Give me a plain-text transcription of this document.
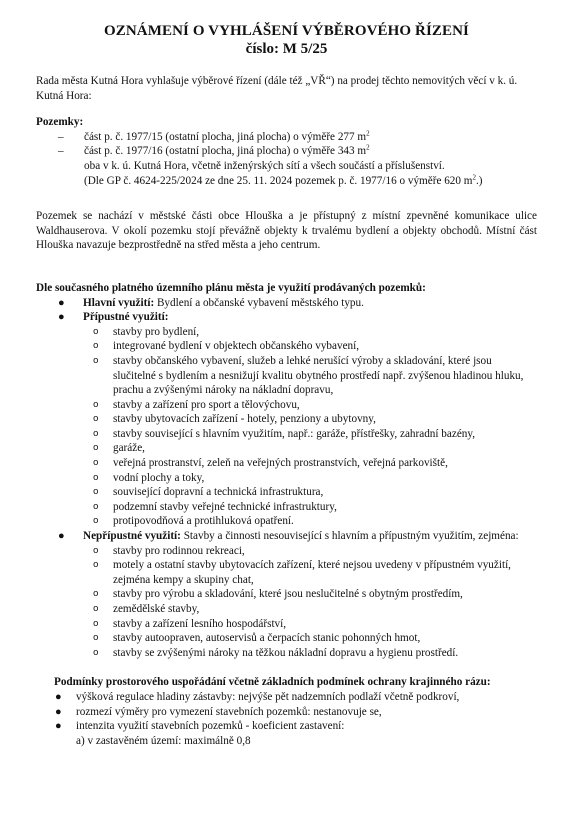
OZNÁMENÍ O VYHLÁŠENÍ VÝBĚROVÉHO ŘÍZENÍ

číslo: M 5/25

Rada města Kutná Hora vyhlašuje výběrové řízení (dále též „VŘ“) na prodej těchto nemovitých věcí v k. ú. Kutná Hora:

Pozemky:

– část p. č. 1977/15 (ostatní plocha, jiná plocha) o výměře 277 $m^2$
– část p. č. 1977/16 (ostatní plocha, jiná plocha) o výměře 343 $m^2$

oba v k. ú. Kutná Hora, včetně inženýrských sítí a všech součástí a příslušenství.

(Dle GP č. 4624-225/2024 ze dne 25. 11. 2024 pozemek p. č. 1977/16 o výměře 620 $m^2$.)

Pozemek se nachází v městské části obce Hlouška a je přístupný z místní zpevněné komunikace ulice Waldhauserova. V okolí pozemku stojí převážně objekty k trvalému bydlení a objekty obchodů. Místní část Hlouška navazuje bezprostředně na střed města a jeho centrum.

Dle současného platného územního plánu města je využití prodávaných pozemků:

● Hlavní využití: Bydlení a občanské vybavení městského typu.
● Přípustné využití:
o stavby pro bydlení,
o integrované bydlení v objektech občanského vybavení,
o stavby občanského vybavení, služeb a lehké nerušící výroby a skladování, které jsou slučitelné s bydlením a nesnižují kvalitu obytného prostředí např. zvýšenou hladinou hluku, prachu a zvýšenými nároky na nákladní dopravu,
o stavby a zařízení pro sport a tělovýchovu,
o stavby ubytovacích zařízení - hotely, penziony a ubytovny,
o stavby související s hlavním využitím, např.: garáže, přístřešky, zahradní bazény,
o garáže,
o veřejná prostranství, zeleň na veřejných prostranstvích, veřejná parkoviště,
o vodní plochy a toky,
o související dopravní a technická infrastruktura,
o podzemní stavby veřejné technické infrastruktury,
o protipovodňová a protihluková opatření.
● Nepřípustné využití: Stavby a činnosti nesouvisející s hlavním a přípustným využitím, zejména:
o stavby pro rodinnou rekreaci,
o motely a ostatní stavby ubytovacích zařízení, které nejsou uvedeny v přípustném využití, zejména kempy a skupiny chat,
o stavby pro výrobu a skladování, které jsou neslučitelné s obytným prostředím,
o zemědělské stavby,
o stavby a zařízení lesního hospodářství,
o stavby autoopraven, autoservisů a čerpacích stanic pohonných hmot,
o stavby se zvýšenými nároky na těžkou nákladní dopravu a hygienu prostředí.

Podmínky prostorového uspořádání včetně základních podmínek ochrany krajinného rázu:

● výšková regulace hladiny zástavby: nejvýše pět nadzemních podlaží včetně podkroví,
● rozmezí výměry pro vymezení stavebních pozemků: nestanovuje se,
● intenzita využití stavebních pozemků - koeficient zastavení:

a) v zastavěném území: maximálně 0,8
